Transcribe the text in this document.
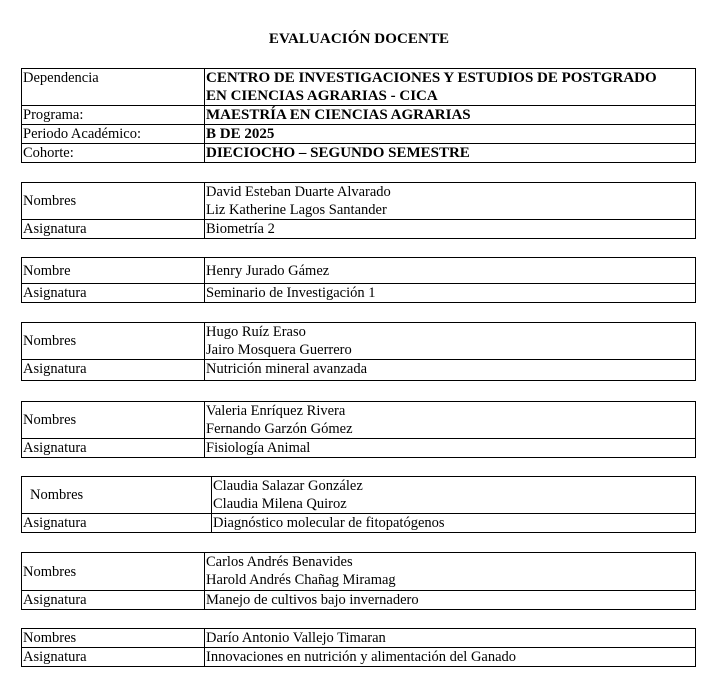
EVALUACIÓN DOCENTE
Dependencia	CENTRO DE INVESTIGACIONES Y ESTUDIOS DE POSTGRADO
EN CIENCIAS AGRARIAS - CICA

Programa:	MAESTRÍA EN CIENCIAS AGRARIAS
Periodo Académico:	B DE 2025
Cohorte:	DIECIOCHO – SEGUNDO SEMESTRE
Nombres	David Esteban Duarte Alvarado
Liz Katherine Lagos Santander

Asignatura	Biometría 2
Nombre	Henry Jurado Gámez

Asignatura	Seminario de Investigación 1
Nombres	Hugo Ruíz Eraso
Jairo Mosquera Guerrero

Asignatura	Nutrición mineral avanzada
Nombres	Valeria Enríquez Rivera
Fernando Garzón Gómez

Asignatura	Fisiología Animal
Nombres	Claudia Salazar González
Claudia Milena Quiroz

Asignatura	Diagnóstico molecular de fitopatógenos
Nombres	Carlos Andrés Benavides
Harold Andrés Chañag Miramag

Asignatura	Manejo de cultivos bajo invernadero
Nombres	Darío Antonio Vallejo Timaran

Asignatura	Innovaciones en nutrición y alimentación del Ganado
